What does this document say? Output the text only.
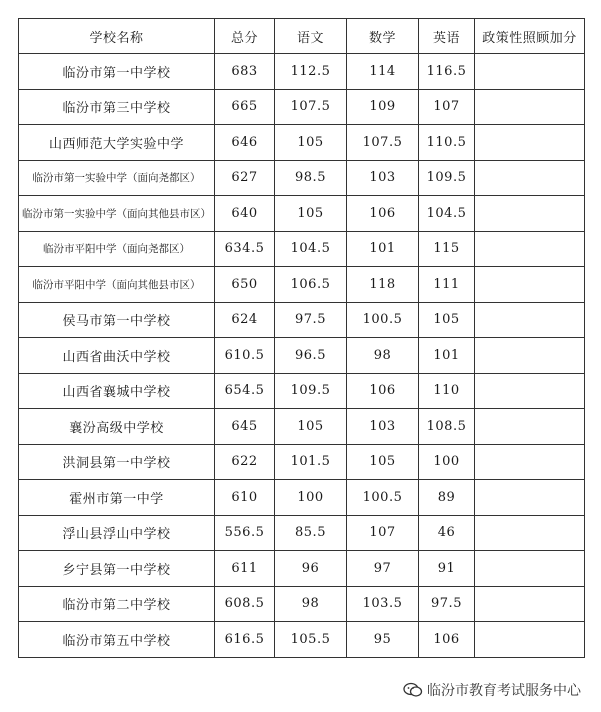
学校名称	总分	语文	数学	英语	政策性照顾加分
临汾市第一中学校	683	112.5	114	116.5	
临汾市第三中学校	665	107.5	109	107	
山西师范大学实验中学	646	105	107.5	110.5	
临汾市第一实验中学（面向尧都区）	627	98.5	103	109.5	
临汾市第一实验中学（面向其他县市区）	640	105	106	104.5	
临汾市平阳中学（面向尧都区）	634.5	104.5	101	115	
临汾市平阳中学（面向其他县市区）	650	106.5	118	111	
侯马市第一中学校	624	97.5	100.5	105	
山西省曲沃中学校	610.5	96.5	98	101	
山西省襄城中学校	654.5	109.5	106	110	
襄汾高级中学校	645	105	103	108.5	
洪洞县第一中学校	622	101.5	105	100	
霍州市第一中学	610	100	100.5	89	
浮山县浮山中学校	556.5	85.5	107	46	
乡宁县第一中学校	611	96	97	91	
临汾市第二中学校	608.5	98	103.5	97.5	
临汾市第五中学校	616.5	105.5	95	106	
临汾市教育考试服务中心
